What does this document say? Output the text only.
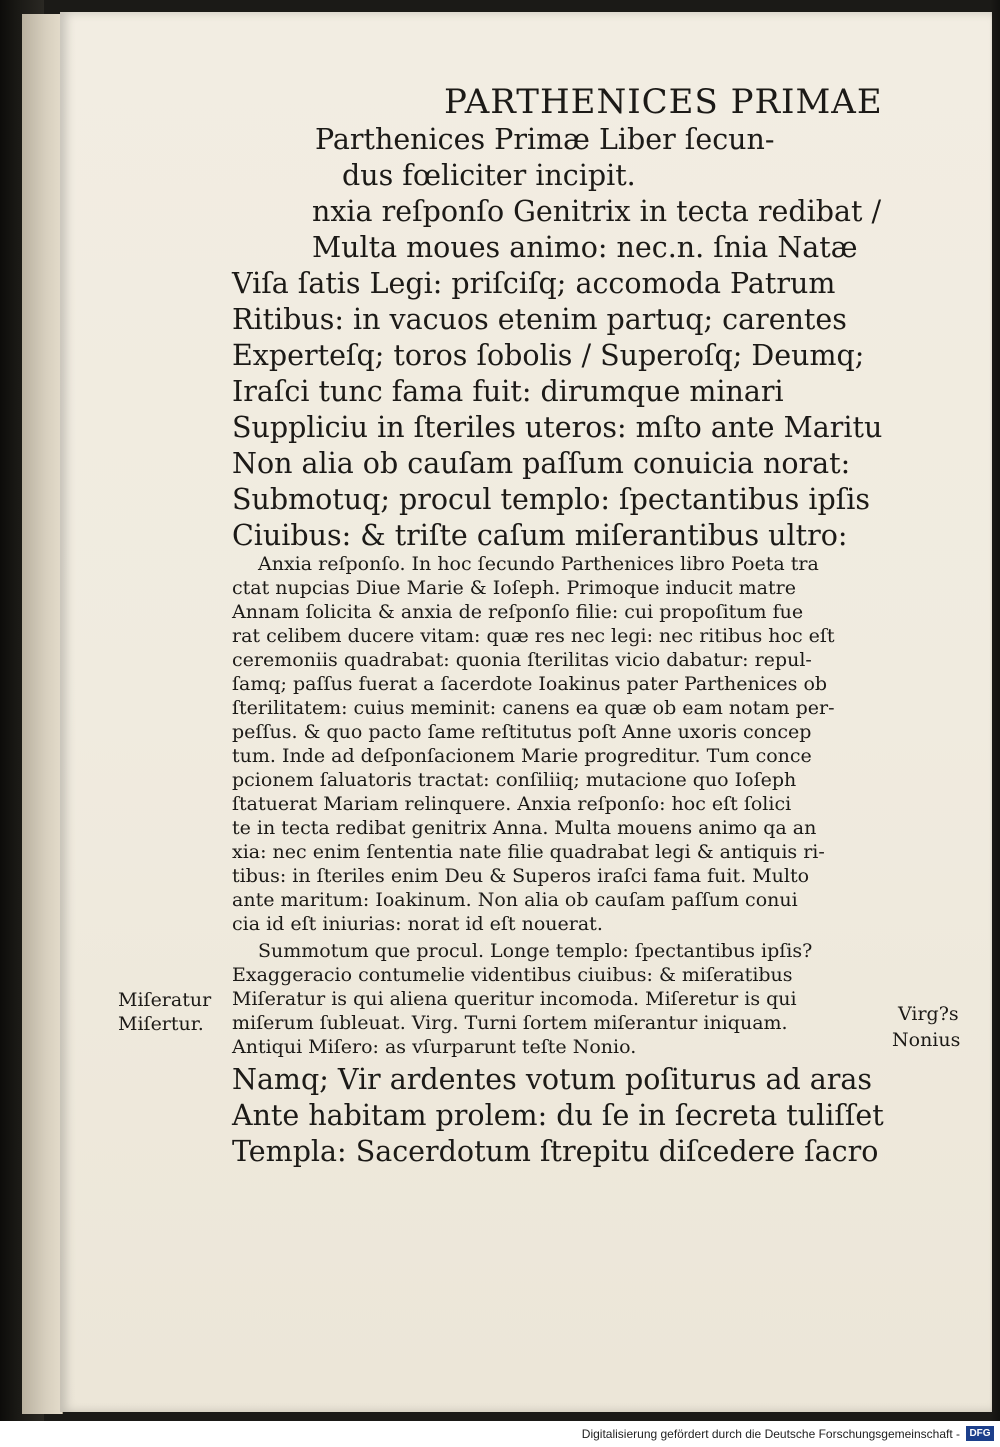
PARTHENICES PRIMAE
Parthenices Primæ Liber ſecun-
dus fœliciter incipit.
nxia reſponſo Genitrix in tecta redibat /
Multa moues animo: nec.n. ſnia Natæ
Viſa ſatis Legi: priſciſq; accomoda Patrum
Ritibus: in vacuos etenim partuq; carentes
Experteſq; toros ſobolis / Superoſq; Deumq;
Iraſci tunc fama fuit: dirumque minari
Suppliciu in ſteriles uteros: mſto ante Maritu
Non alia ob cauſam paſſum conuicia norat:
Submotuq; procul templo: ſpectantibus ipſis
Ciuibus: & triſte caſum miſerantibus ultro:
Anxia reſponſo. In hoc ſecundo Parthenices libro Poeta tra
ctat nupcias Diue Marie & Ioſeph. Primoque inducit matre
Annam ſolicita & anxia de reſponſo filie: cui propoſitum fue
rat celibem ducere vitam: quæ res nec legi: nec ritibus hoc eſt
ceremoniis quadrabat: quonia ſterilitas vicio dabatur: repul-
ſamq; paſſus fuerat a ſacerdote Ioakinus pater Parthenices ob
ſterilitatem: cuius meminit: canens ea quæ ob eam notam per-
peſſus. & quo pacto ſame reſtitutus poſt Anne uxoris concep
tum. Inde ad deſponſacionem Marie progreditur. Tum conce
pcionem ſaluatoris tractat: conſiliiq; mutacione quo Ioſeph
ſtatuerat Mariam relinquere. Anxia reſponſo: hoc eſt ſolici
te in tecta redibat genitrix Anna. Multa mouens animo qa an
xia: nec enim ſententia nate filie quadrabat legi & antiquis ri-
tibus: in ſteriles enim Deu & Superos iraſci fama fuit. Multo
ante maritum: Ioakinum. Non alia ob cauſam paſſum conui
cia id eſt iniurias: norat id eſt nouerat.
Summotum que procul. Longe templo: ſpectantibus ipſis?
Exaggeracio contumelie videntibus ciuibus: & miſeratibus
Miſeratur is qui aliena queritur incomoda. Miſeretur is qui
miſerum ſubleuat. Virg. Turni ſortem miſerantur iniquam.
Antiqui Miſero: as vſurparunt teſte Nonio.
Miſeratur
Miſertur.	Virg?s
Nonius
Namq; Vir ardentes votum poſiturus ad aras
Ante habitam prolem: du ſe in ſecreta tuliſſet
Templa: Sacerdotum ſtrepitu diſcedere ſacro
Digitalisierung gefördert durch die Deutsche Forschungsgemeinschaft - DFG
